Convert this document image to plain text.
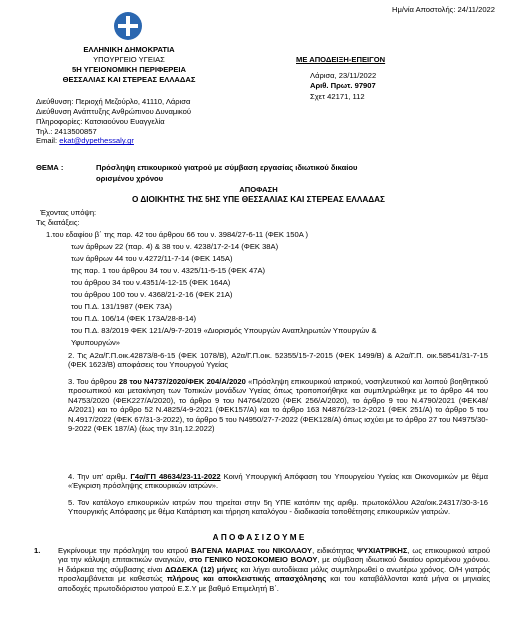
Ημ/νία Αποστολής: 24/11/2022
ΕΛΛΗΝΙΚΗ ΔΗΜΟΚΡΑΤΙΑ
ΥΠΟΥΡΓΕΙΟ ΥΓΕΙΑΣ
5Η ΥΓΕΙΟΝΟΜΙΚΗ ΠΕΡΙΦΕΡΕΙΑ
ΘΕΣΣΑΛΙΑΣ ΚΑΙ ΣΤΕΡΕΑΣ ΕΛΛΑΔΑΣ
Διεύθυνση: Περιοχή Μεζούρλο, 41110, Λάρισα
Διεύθυνση Ανάπτυξης Ανθρώπινου Δυναμικού
Πληροφορίες: Κατσιαούνου Ευαγγελία
Τηλ.: 2413500857
Email: ekat@dypethessaly.gr
ΜΕ ΑΠΟΔΕΙΞΗ-ΕΠΕΙΓΟΝ
Λάρισα, 23/11/2022
Αριθ. Πρωτ. 97907
Σχετ 42171, 112
ΘΕΜΑ :	Πρόσληψη επικουρικού γιατρού με σύμβαση εργασίας ιδιωτικού δικαίου
ορισμένου χρόνου
ΑΠΟΦΑΣΗ
Ο ΔΙΟΙΚΗΤΗΣ ΤΗΣ 5ΗΣ ΥΠΕ ΘΕΣΣΑΛΙΑΣ ΚΑΙ ΣΤΕΡΕΑΣ ΕΛΛΑΔΑΣ
Έχοντας υπόψη:
Τις διατάξεις:
1.του εδαφίου β΄ της παρ. 42 του άρθρου 66 του ν. 3984/27-6-11 (ΦΕΚ 150Α )
των άρθρων 22 (παρ. 4) & 38 του ν. 4238/17-2-14 (ΦΕΚ 38Α)
των άρθρων 44 του ν.4272/11-7-14 (ΦΕΚ 145Α)
της παρ. 1 του άρθρου 34 του ν. 4325/11-5-15 (ΦΕΚ 47Α)
του άρθρου 34 του ν.4351/4-12-15 (ΦΕΚ 164Α)
του άρθρου 100 του ν. 4368/21-2-16 (ΦΕΚ 21Α)
του Π.Δ. 131/1987 (ΦΕΚ 73Α)
του Π.Δ. 106/14 (ΦΕΚ 173Α/28-8-14)
του Π.Δ. 83/2019 ΦΕΚ 121/Α/9-7-2019 «Διορισμός Υπουργών Αναπληρωτών Υπουργών &
Υφυπουργών»
2. Τις Α2α/Γ.Π.οικ.42873/8-6-15 (ΦΕΚ 1078/Β), Α2α/Γ.Π.οικ. 52355/15-7-2015 (ΦΕΚ 1499/Β) & Α2α/Γ.Π. οικ.58541/31-7-15 (ΦΕΚ 1623/Β) αποφάσεις του Υπουργού Υγείας
3. Του άρθρου 28 του Ν4737/2020/ΦΕΚ 204/Α/2020 «Πρόσληψη επικουρικού ιατρικού, νοσηλευτικού και λοιπού βοηθητικού προσωπικού και μετακίνηση των Τοπικών μονάδων Υγείας όπως τροποποιήθηκε και συμπληρώθηκε με το άρθρο 44 του Ν4753/2020 (ΦΕΚ227/Α/2020), το άρθρο 9 του Ν4764/2020 (ΦΕΚ 256/Α/2020), το άρθρο 9 του Ν.4790/2021 (ΦΕΚ48/Α/2021) και το άρθρο 52 Ν.4825/4-9-2021 (ΦΕΚ157/Α) και το άρθρο 163 Ν4876/23-12-2021 (ΦΕΚ 251/Α) το άρθρο 5 του Ν.4917/2022 (ΦΕΚ 67/31-3-2022), το άρθρο 5 του Ν4950/27-7-2022 (ΦΕΚ128/Α) όπως ισχύει με το άρθρο 27 του Ν4975/30-9-2022 (ΦΕΚ 187/Α) (έως την 31η.12.2022)
4. Την υπ' αριθμ. Γ4α/ΓΠ 48634/23-11-2022 Κοινή Υπουργική Απόφαση του Υπουργείου Υγείας και Οικονομικών με θέμα «Έγκριση πρόσληψης επικουρικών ιατρών».
5. Τον κατάλογο επικουρικών ιατρών που τηρείται στην 5η ΥΠΕ κατόπιν της αριθμ. πρωτοκόλλου Α2α/οικ.24317/30-3-16 Υπουργικής Απόφασης με θέμα Κατάρτιση και τήρηση καταλόγου - διαδικασία τοποθέτησης επικουρικών γιατρών.
Α Π Ο Φ Α Σ Ι Ζ Ο Υ Μ Ε
1. Εγκρίνουμε την πρόσληψη του ιατρού ΒΑΓΕΝΑ ΜΑΡΙΑΣ του ΝΙΚΟΛΑΟΥ, ειδικότητας ΨΥΧΙΑΤΡΙΚΗΣ, ως επικουρικού ιατρού για την κάλυψη επιτακτικών αναγκών, στο ΓΕΝΙΚΟ ΝΟΣΟΚΟΜΕΙΟ ΒΟΛΟΥ, με σύμβαση ιδιωτικού δικαίου ορισμένου χρόνου. Η διάρκεια της σύμβασης είναι ΔΩΔΕΚΑ (12) μήνες και λήγει αυτοδίκαια μόλις συμπληρωθεί ο ανωτέρω χρόνος. Ο/Η γιατρός προσλαμβάνεται με καθεστώς πλήρους και αποκλειστικής απασχόλησης και του καταβάλλονται κατά μήνα οι μηνιαίες αποδοχές πρωτοδιόριστου γιατρού Ε.Σ.Υ με βαθμό Επιμελητή Β΄.
